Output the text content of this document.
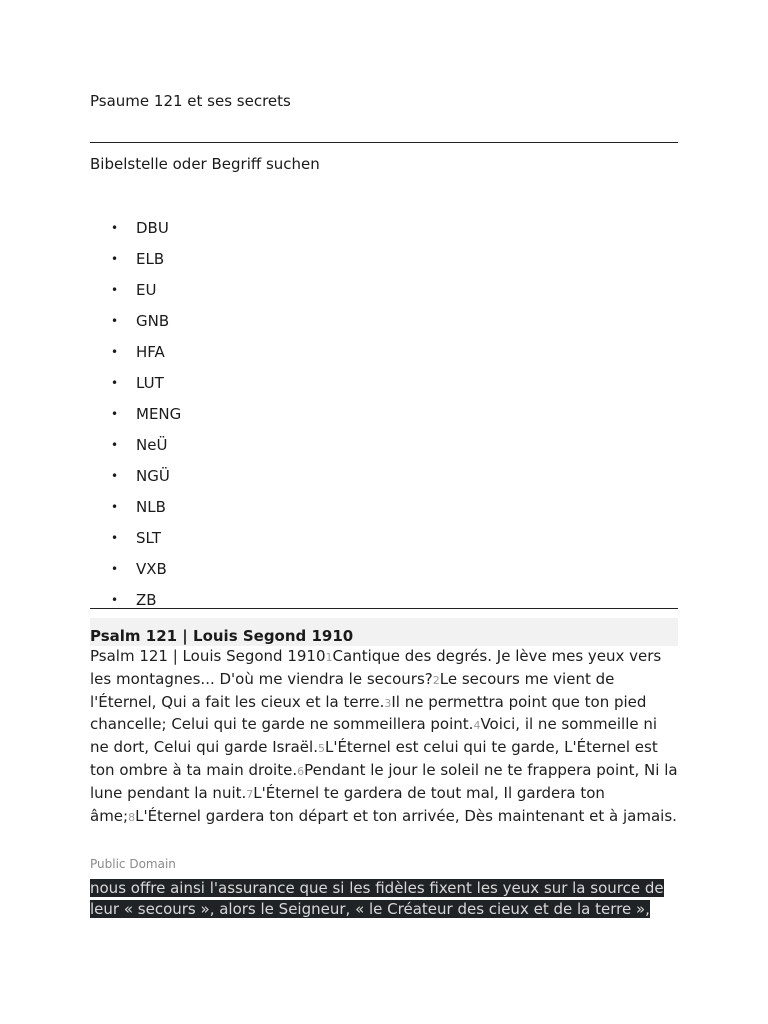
Psaume 121 et ses secrets
Bibelstelle oder Begriff suchen
• DBU
• ELB
• EU
• GNB
• HFA
• LUT
• MENG
• NeÜ
• NGÜ
• NLB
• SLT
• VXB
• ZB
Psalm 121 | Louis Segond 1910
Psalm 121 | Louis Segond 19101Cantique des degrés. Je lève mes yeux vers les montagnes... D'où me viendra le secours?2Le secours me vient de l'Éternel, Qui a fait les cieux et la terre.3Il ne permettra point que ton pied chancelle; Celui qui te garde ne sommeillera point.4Voici, il ne sommeille ni ne dort, Celui qui garde Israël.5L'Éternel est celui qui te garde, L'Éternel est ton ombre à ta main droite.6Pendant le jour le soleil ne te frappera point, Ni la lune pendant la nuit.7L'Éternel te gardera de tout mal, Il gardera ton âme;8L'Éternel gardera ton départ et ton arrivée, Dès maintenant et à jamais.
Public Domain
nous offre ainsi l'assurance que si les fidèles fixent les yeux sur la source de leur « secours », alors le Seigneur, « le Créateur des cieux et de la terre »,
